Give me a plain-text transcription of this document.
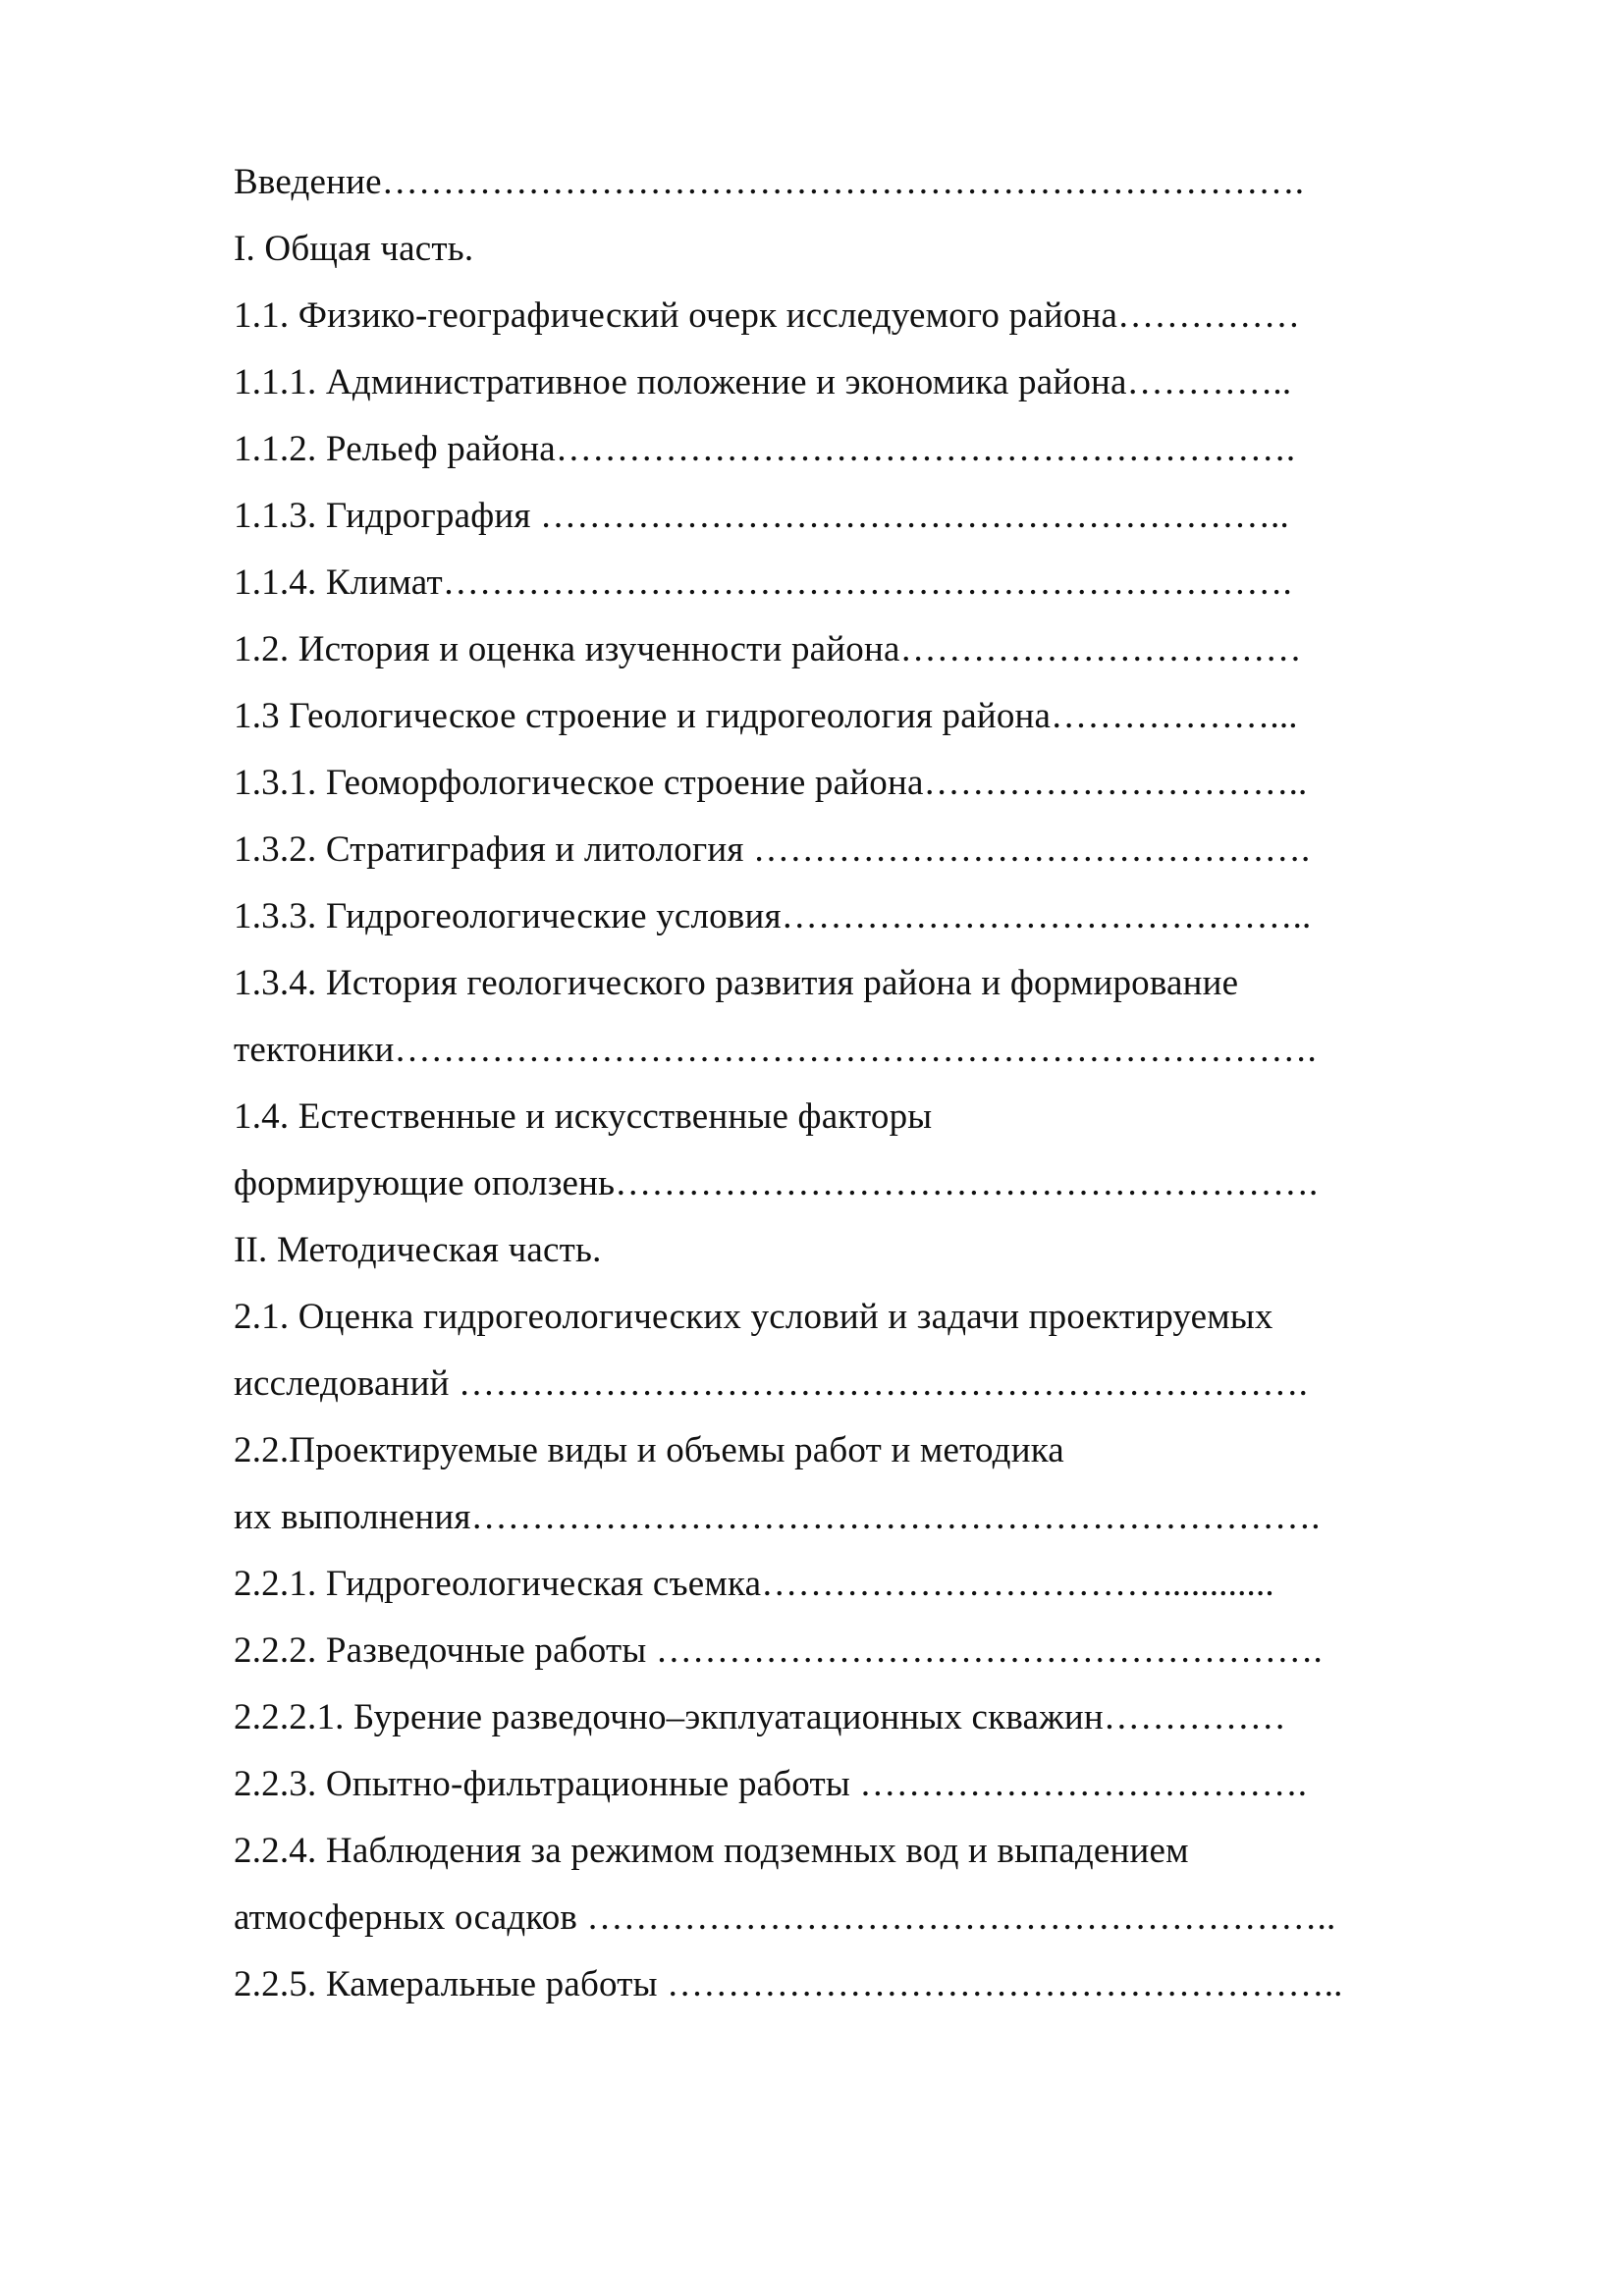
Введение………………………………………………………………….
I. Общая часть.
1.1. Физико-географический очерк исследуемого района……………
1.1.1. Административное положение и экономика района…………..
1.1.2. Рельеф района…………………………………………………….
1.1.3. Гидрография ……………………………………………………..
1.1.4. Климат…………………………………………………………….
1.2. История и оценка изученности района……………………………
1.3 Геологическое строение и гидрогеология района………………...
1.3.1. Геоморфологическое строение района…………………………..
1.3.2. Стратиграфия и литология ……………………………………….
1.3.3. Гидрогеологические условия……………………………………..
1.3.4. История геологического развития района и формирование
тектоники………………………………………………………………….
1.4. Естественные и искусственные факторы
формирующие оползень………………………………………………….
II. Методическая часть.
2.1. Оценка гидрогеологических условий и задачи проектируемых
исследований …………………………………………………………….
2.2.Проектируемые виды и объемы работ и методика
их выполнения…………………………………………………………….
2.2.1. Гидрогеологическая съемка……………………………............
2.2.2. Разведочные работы ……………………………………………….
2.2.2.1. Бурение разведочно–экплуатационных скважин……………
2.2.3. Опытно-фильтрационные работы ……………………………….
2.2.4. Наблюдения за режимом подземных вод и выпадением
атмосферных осадков ……………………………………………………..
2.2.5. Камеральные работы ………………………………………………..
